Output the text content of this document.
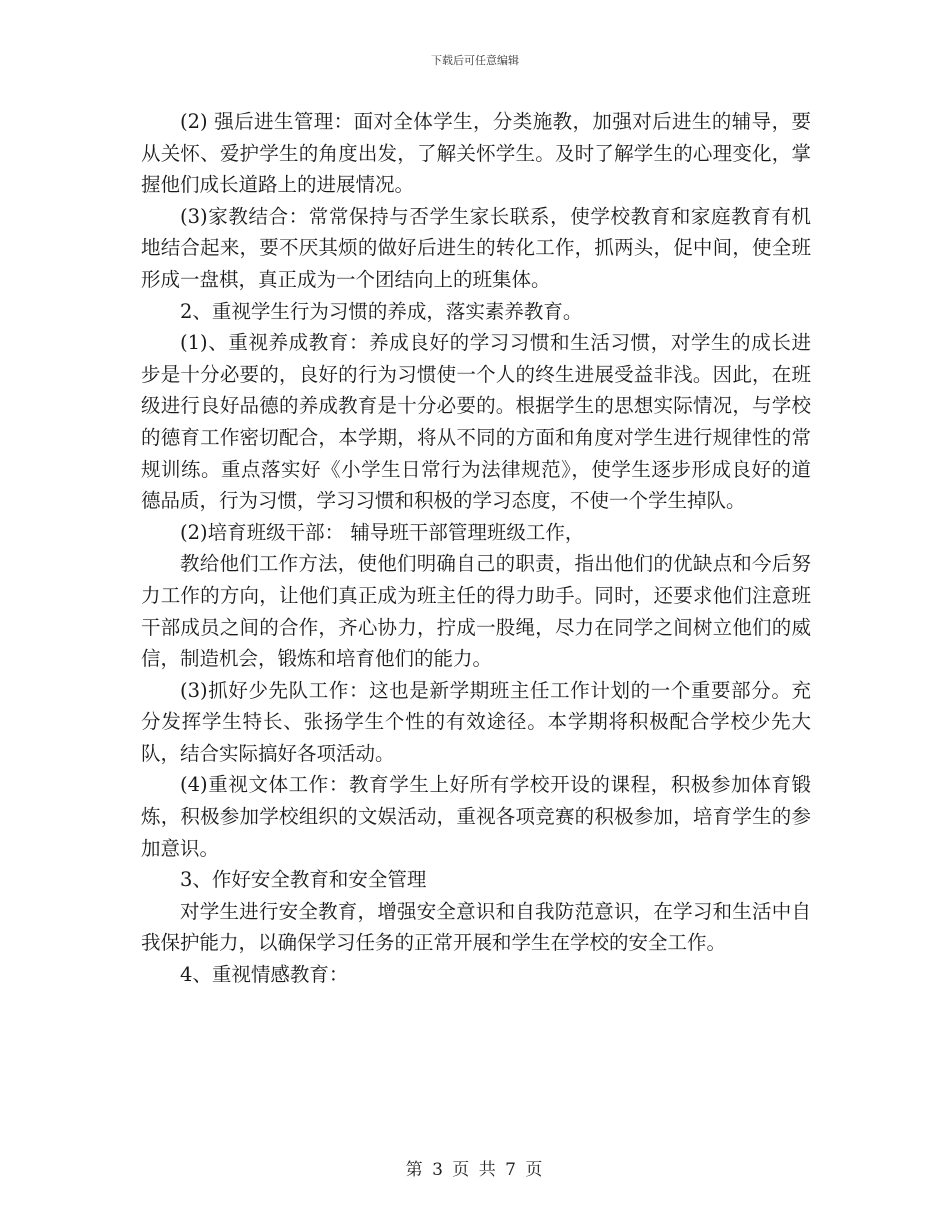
下载后可任意编辑

(2) 强后进生管理：面对全体学生，分类施教，加强对后进生的辅导，要从关怀、爱护学生的角度出发，了解关怀学生。及时了解学生的心理变化，掌握他们成长道路上的进展情况。

(3)家教结合：常常保持与否学生家长联系，使学校教育和家庭教育有机地结合起来，要不厌其烦的做好后进生的转化工作，抓两头，促中间，使全班形成一盘棋，真正成为一个团结向上的班集体。

2、重视学生行为习惯的养成，落实素养教育。

(1)、重视养成教育：养成良好的学习习惯和生活习惯，对学生的成长进步是十分必要的，良好的行为习惯使一个人的终生进展受益非浅。因此，在班级进行良好品德的养成教育是十分必要的。根据学生的思想实际情况，与学校的德育工作密切配合，本学期，将从不同的方面和角度对学生进行规律性的常规训练。重点落实好《小学生日常行为法律规范》，使学生逐步形成良好的道德品质，行为习惯，学习习惯和积极的学习态度，不使一个学生掉队。

(2)培育班级干部： 辅导班干部管理班级工作，

教给他们工作方法，使他们明确自己的职责，指出他们的优缺点和今后努力工作的方向，让他们真正成为班主任的得力助手。同时，还要求他们注意班干部成员之间的合作，齐心协力，拧成一股绳，尽力在同学之间树立他们的威信，制造机会，锻炼和培育他们的能力。

(3)抓好少先队工作：这也是新学期班主任工作计划的一个重要部分。充分发挥学生特长、张扬学生个性的有效途径。本学期将积极配合学校少先大队，结合实际搞好各项活动。

(4)重视文体工作：教育学生上好所有学校开设的课程，积极参加体育锻炼，积极参加学校组织的文娱活动，重视各项竞赛的积极参加，培育学生的参加意识。

3、作好安全教育和安全管理

对学生进行安全教育，增强安全意识和自我防范意识，在学习和生活中自我保护能力，以确保学习任务的正常开展和学生在学校的安全工作。

4、重视情感教育：

第 3 页 共 7 页
